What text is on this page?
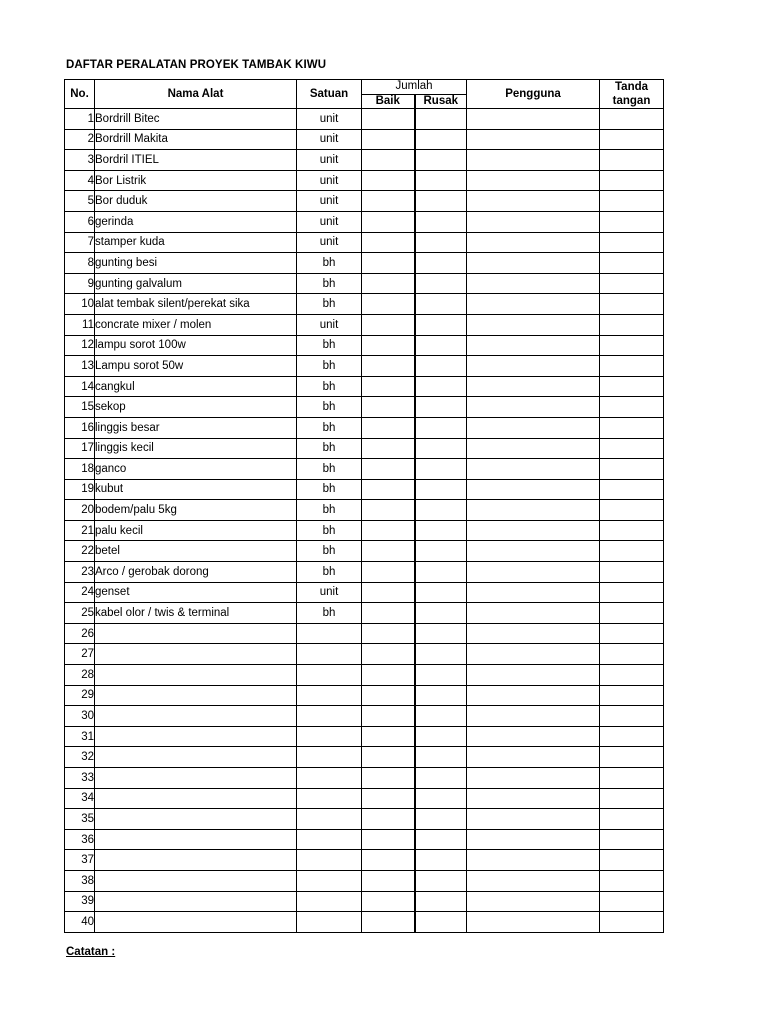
DAFTAR PERALATAN PROYEK TAMBAK KIWU
No.	Nama Alat	Satuan	Jumlah		Pengguna	Tanda tangan
			Baik	Rusak		
1	Bordrill Bitec	unit				
2	Bordrill Makita	unit				
3	Bordril ITIEL	unit				
4	Bor Listrik	unit				
5	Bor duduk	unit				
6	gerinda	unit				
7	stamper kuda	unit				
8	gunting besi	bh				
9	gunting galvalum	bh				
10	alat tembak silent/perekat sika	bh				
11	concrate mixer / molen	unit				
12	lampu sorot 100w	bh				
13	Lampu sorot 50w	bh				
14	cangkul	bh				
15	sekop	bh				
16	linggis besar	bh				
17	linggis kecil	bh				
18	ganco	bh				
19	kubut	bh				
20	bodem/palu 5kg	bh				
21	palu kecil	bh				
22	betel	bh				
23	Arco / gerobak dorong	bh				
24	genset	unit				
25	kabel olor / twis & terminal	bh				
26						
27						
28						
29						
30						
31						
32						
33						
34						
35						
36						
37						
38						
39						
40						
Catatan :
